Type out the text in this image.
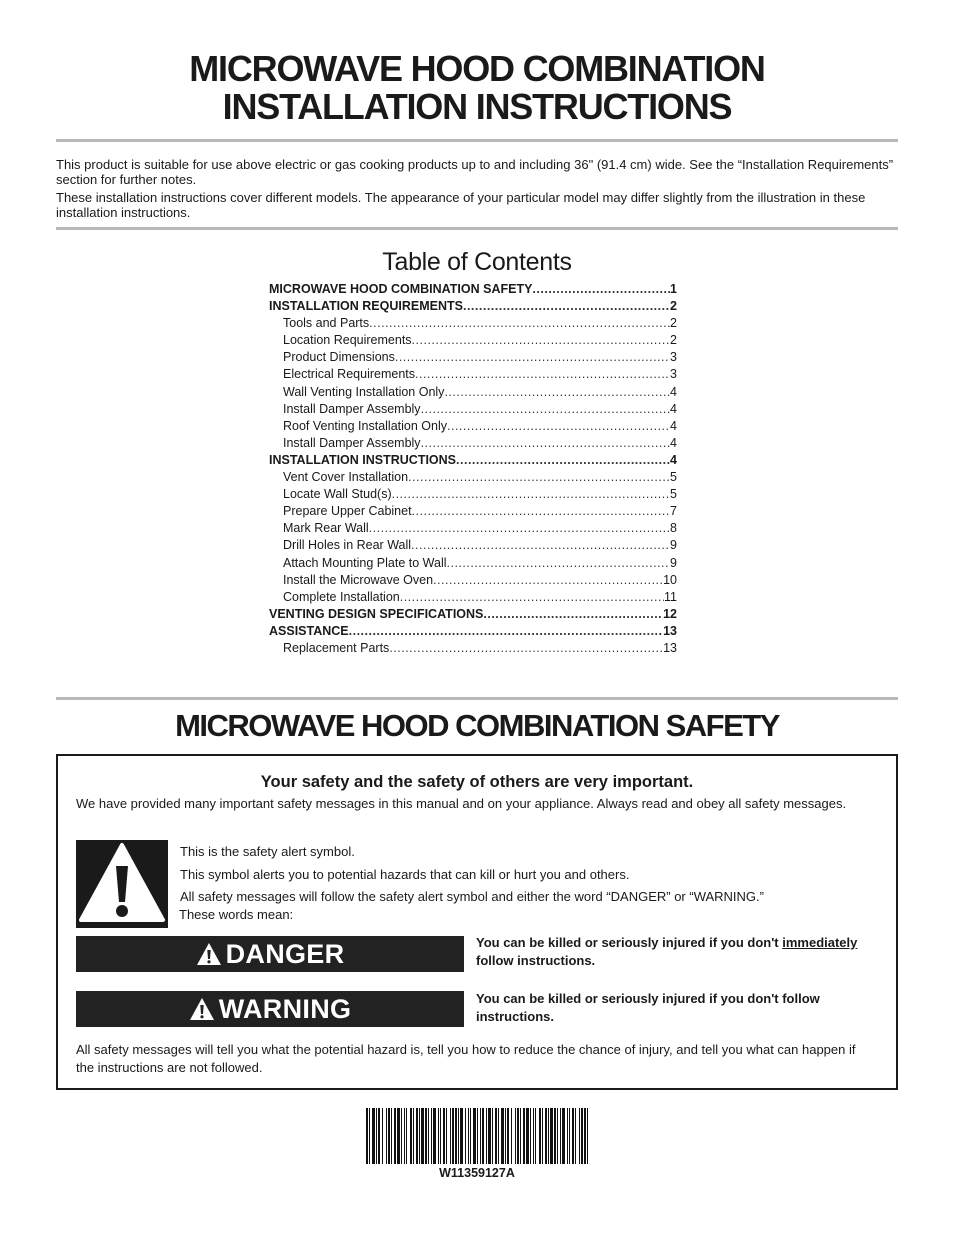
MICROWAVE HOOD COMBINATION
INSTALLATION INSTRUCTIONS
This product is suitable for use above electric or gas cooking products up to and including 36" (91.4 cm) wide. See the “Installation Requirements” section for further notes.
These installation instructions cover different models. The appearance of your particular model may differ slightly from the illustration in these installation instructions.
Table of Contents
MICROWAVE HOOD COMBINATION SAFETY .....	1
INSTALLATION REQUIREMENTS .....	2
Tools and Parts .....	2
Location Requirements .....	2
Product Dimensions .....	3
Electrical Requirements .....	3
Wall Venting Installation Only .....	4
Install Damper Assembly .....	4
Roof Venting Installation Only .....	4
Install Damper Assembly .....	4
INSTALLATION INSTRUCTIONS .....	4
Vent Cover Installation .....	5
Locate Wall Stud(s) .....	5
Prepare Upper Cabinet .....	7
Mark Rear Wall .....	8
Drill Holes in Rear Wall .....	9
Attach Mounting Plate to Wall .....	9
Install the Microwave Oven .....	10
Complete Installation .....	11
VENTING DESIGN SPECIFICATIONS .....	12
ASSISTANCE .....	13
Replacement Parts .....	13
MICROWAVE HOOD COMBINATION SAFETY
Your safety and the safety of others are very important.
We have provided many important safety messages in this manual and on your appliance. Always read and obey all safety messages.
This is the safety alert symbol.
This symbol alerts you to potential hazards that can kill or hurt you and others.
All safety messages will follow the safety alert symbol and either the word “DANGER” or “WARNING.”
These words mean:
DANGER	You can be killed or seriously injured if you don't immediately
follow instructions.
WARNING	You can be killed or seriously injured if you don't follow instructions.
All safety messages will tell you what the potential hazard is, tell you how to reduce the chance of injury, and tell you what can happen if the instructions are not followed.
W11359127A
